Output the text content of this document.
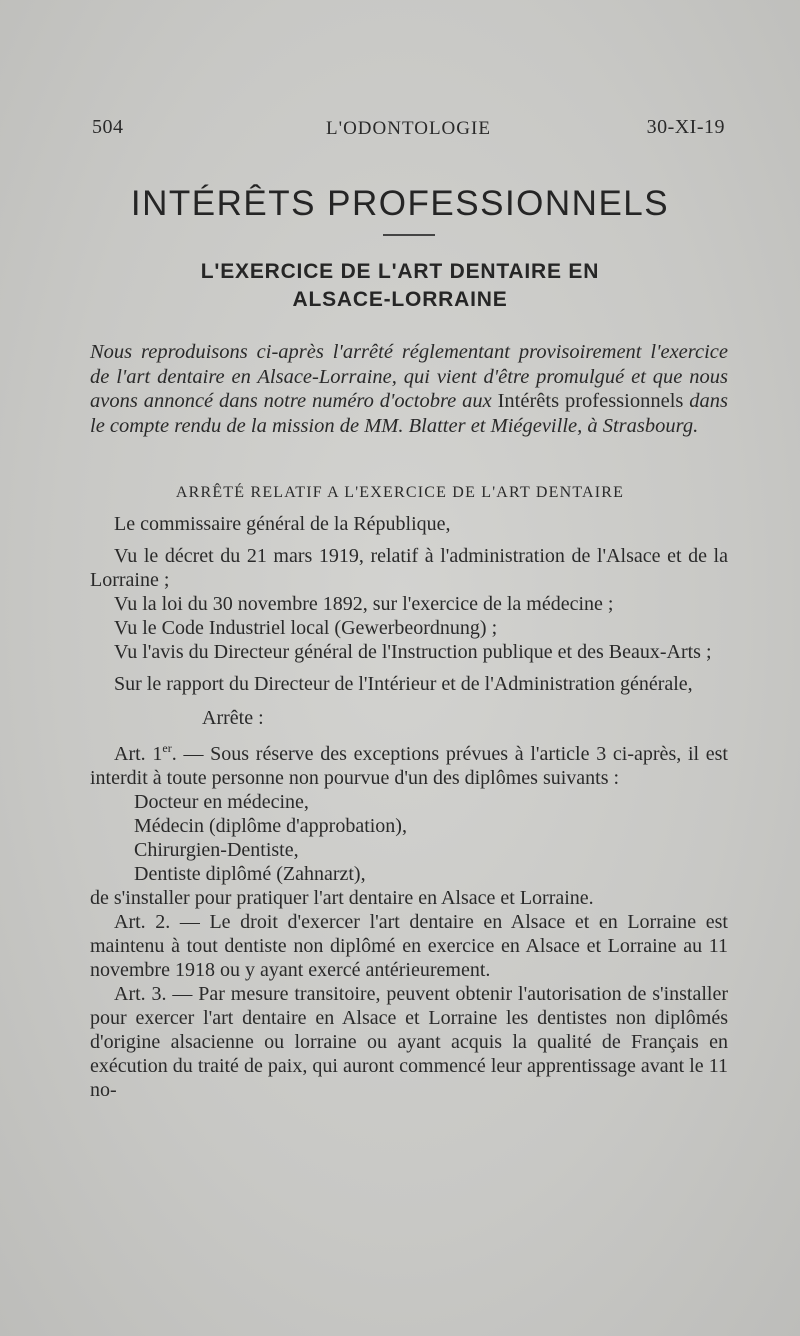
504	L'ODONTOLOGIE	30-XI-19
INTÉRÊTS PROFESSIONNELS
L'EXERCICE DE L'ART DENTAIRE EN
ALSACE-LORRAINE
Nous reproduisons ci-après l'arrêté réglementant provisoirement l'exercice de l'art dentaire en Alsace-Lorraine, qui vient d'être promulgué et que nous avons annoncé dans notre numéro d'octobre aux Intérêts professionnels dans le compte rendu de la mission de MM. Blatter et Miégeville, à Strasbourg.
ARRÊTÉ RELATIF A L'EXERCICE DE L'ART DENTAIRE

Le commissaire général de la République,

Vu le décret du 21 mars 1919, relatif à l'administration de l'Alsace et de la Lorraine ;

Vu la loi du 30 novembre 1892, sur l'exercice de la médecine ;

Vu le Code Industriel local (Gewerbeordnung) ;

Vu l'avis du Directeur général de l'Instruction publique et des Beaux-Arts ;

Sur le rapport du Directeur de l'Intérieur et de l'Administration générale,

Arrête :

Art. 1er. — Sous réserve des exceptions prévues à l'article 3 ci-après, il est interdit à toute personne non pourvue d'un des diplômes suivants :

Docteur en médecine,

Médecin (diplôme d'approbation),

Chirurgien-Dentiste,

Dentiste diplômé (Zahnarzt),

de s'installer pour pratiquer l'art dentaire en Alsace et Lorraine.

Art. 2. — Le droit d'exercer l'art dentaire en Alsace et en Lorraine est maintenu à tout dentiste non diplômé en exercice en Alsace et Lorraine au 11 novembre 1918 ou y ayant exercé antérieurement.

Art. 3. — Par mesure transitoire, peuvent obtenir l'autorisation de s'installer pour exercer l'art dentaire en Alsace et Lorraine les dentistes non diplômés d'origine alsacienne ou lorraine ou ayant acquis la qualité de Français en exécution du traité de paix, qui auront commencé leur apprentissage avant le 11 no-
